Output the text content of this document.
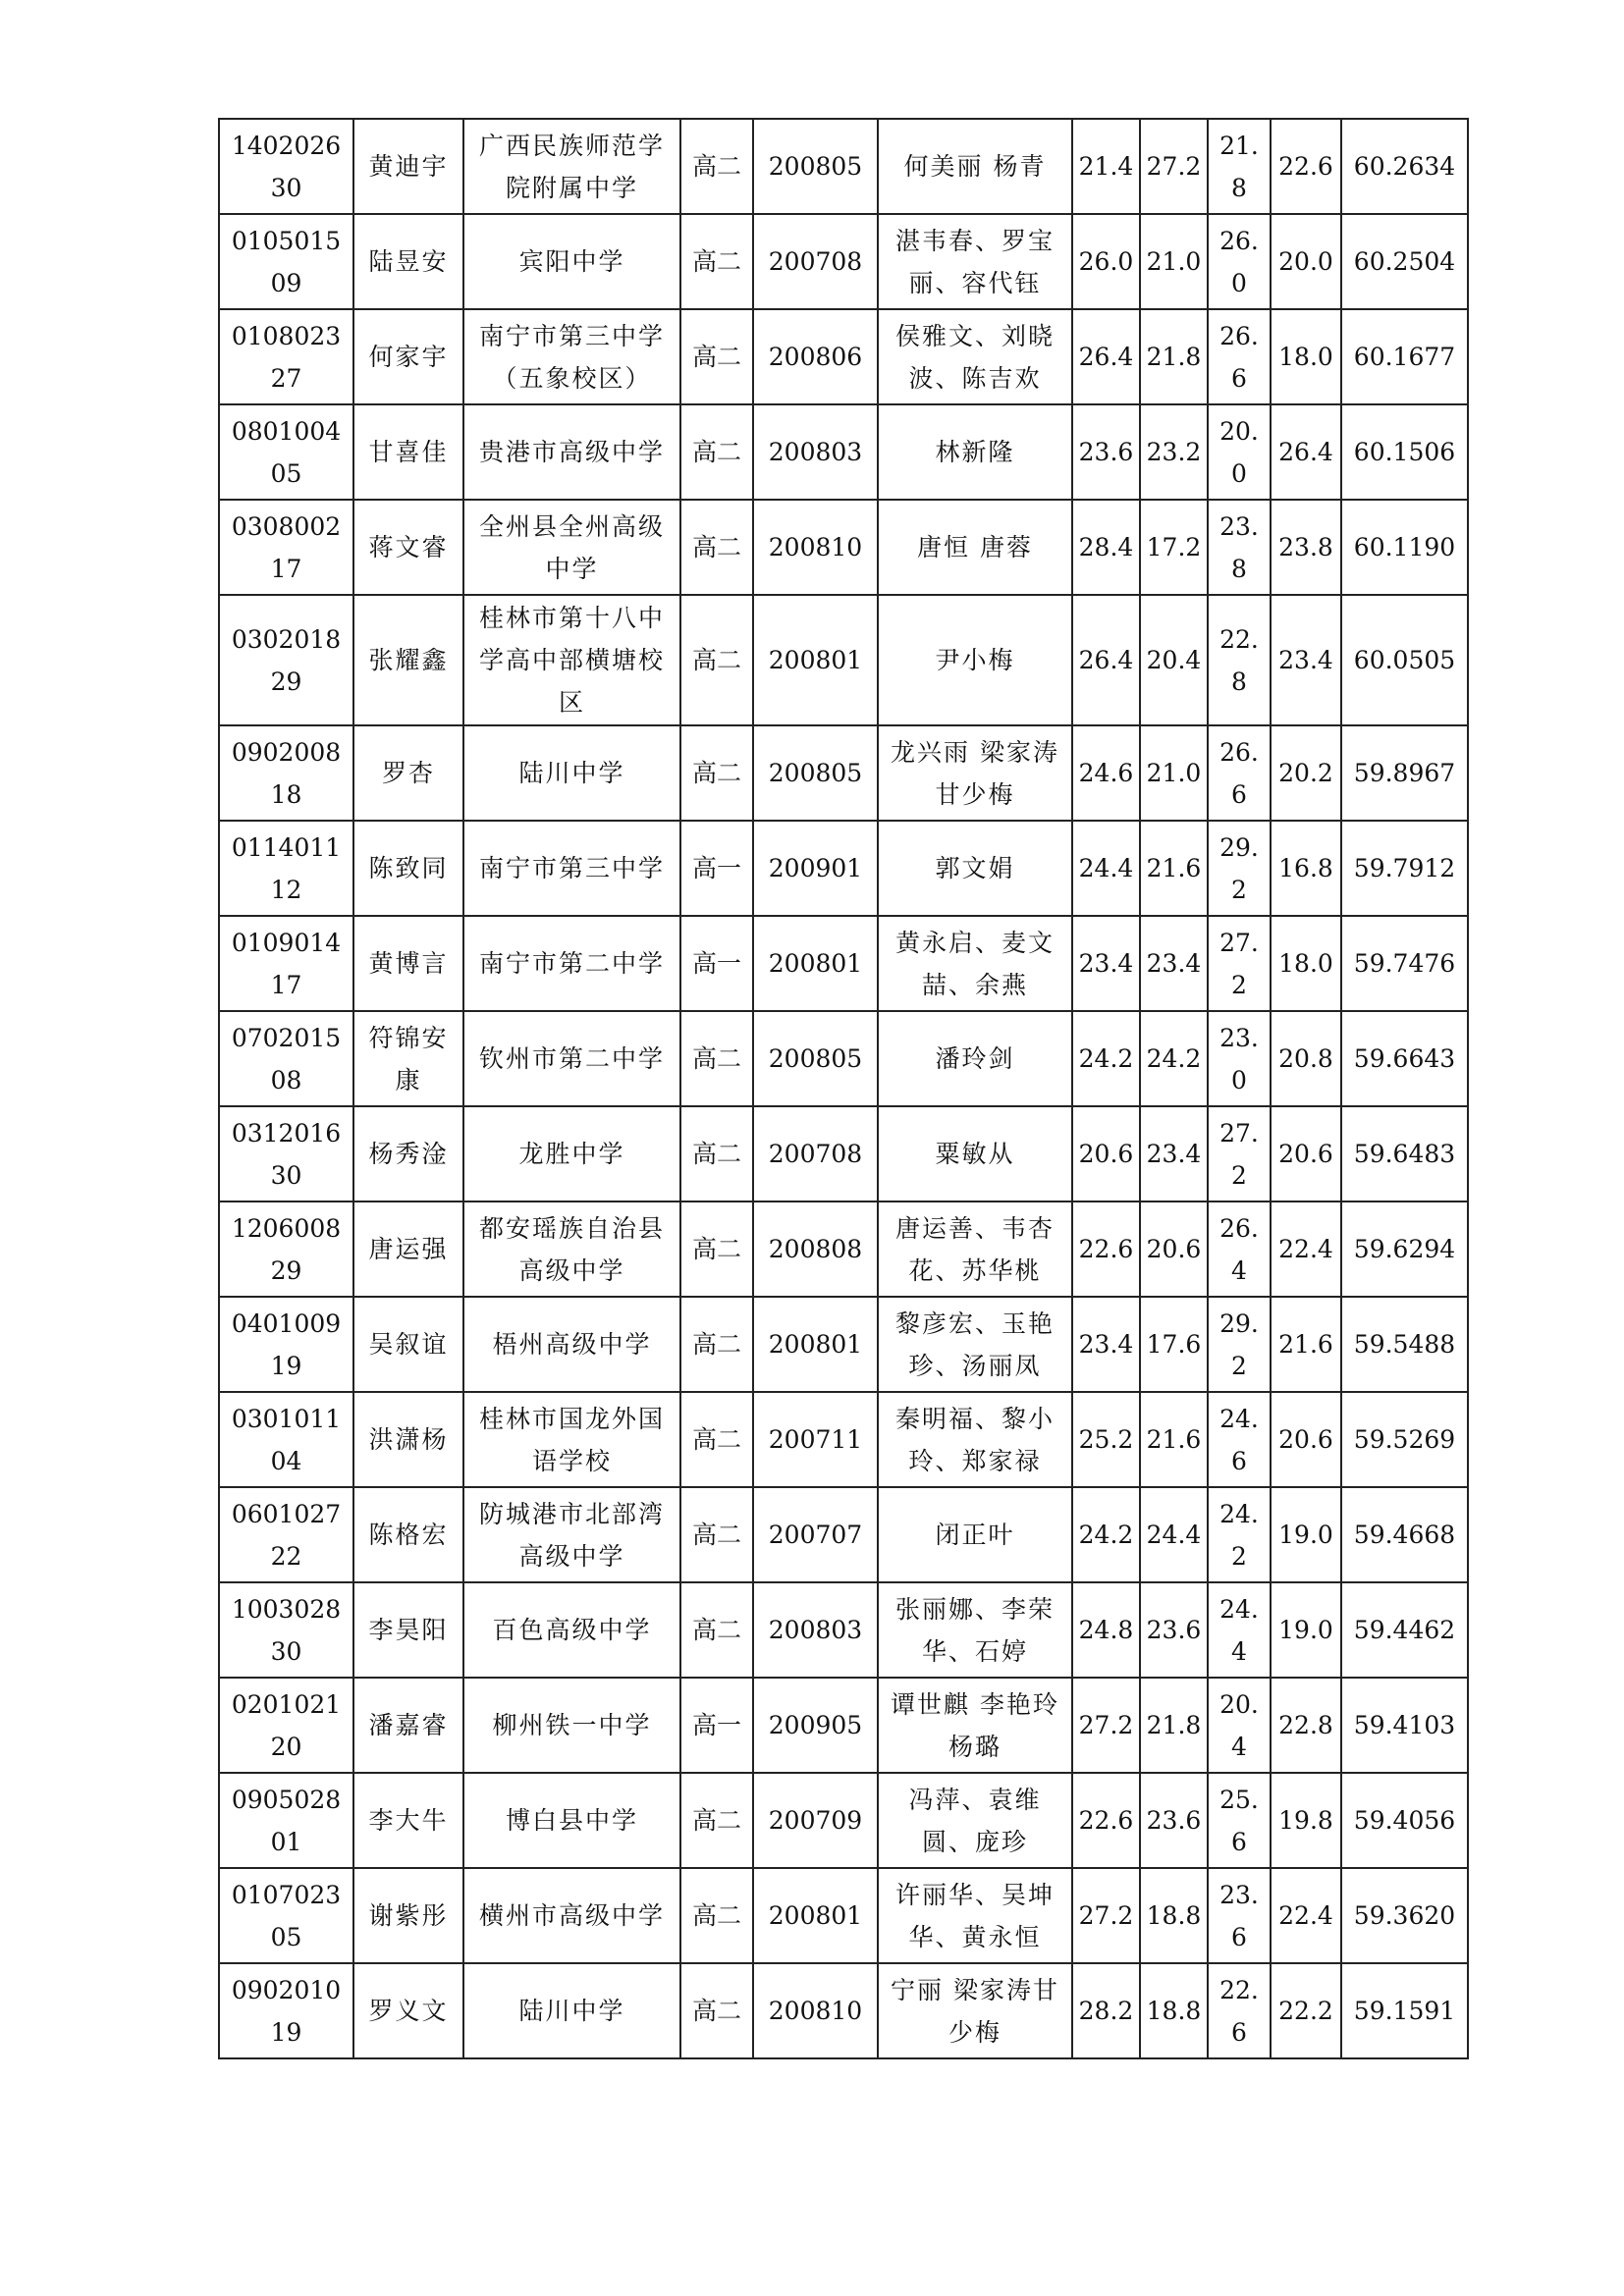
140202630	黄迪宇	广西民族师范学院附属中学	高二	200805	何美丽 杨青	21.4	27.2	21.8	22.6	60.2634
010501509	陆昱安	宾阳中学	高二	200708	湛韦春、罗宝丽、容代钰	26.0	21.0	26.0	20.0	60.2504
010802327	何家宇	南宁市第三中学（五象校区）	高二	200806	侯雅文、刘晓波、陈吉欢	26.4	21.8	26.6	18.0	60.1677
080100405	甘喜佳	贵港市高级中学	高二	200803	林新隆	23.6	23.2	20.0	26.4	60.1506
030800217	蒋文睿	全州县全州高级中学	高二	200810	唐恒 唐蓉	28.4	17.2	23.8	23.8	60.1190
030201829	张耀鑫	桂林市第十八中学高中部横塘校区	高二	200801	尹小梅	26.4	20.4	22.8	23.4	60.0505
090200818	罗杏	陆川中学	高二	200805	龙兴雨 梁家涛甘少梅	24.6	21.0	26.6	20.2	59.8967
011401112	陈致同	南宁市第三中学	高一	200901	郭文娟	24.4	21.6	29.2	16.8	59.7912
010901417	黄博言	南宁市第二中学	高一	200801	黄永启、麦文喆、余燕	23.4	23.4	27.2	18.0	59.7476
070201508	符锦安康	钦州市第二中学	高二	200805	潘玲剑	24.2	24.2	23.0	20.8	59.6643
031201630	杨秀淦	龙胜中学	高二	200708	粟敏从	20.6	23.4	27.2	20.6	59.6483
120600829	唐运强	都安瑶族自治县高级中学	高二	200808	唐运善、韦杏花、苏华桃	22.6	20.6	26.4	22.4	59.6294
040100919	吴叙谊	梧州高级中学	高二	200801	黎彦宏、玉艳珍、汤丽凤	23.4	17.6	29.2	21.6	59.5488
030101104	洪潇杨	桂林市国龙外国语学校	高二	200711	秦明福、黎小玲、郑家禄	25.2	21.6	24.6	20.6	59.5269
060102722	陈格宏	防城港市北部湾高级中学	高二	200707	闭正叶	24.2	24.4	24.2	19.0	59.4668
100302830	李昊阳	百色高级中学	高二	200803	张丽娜、李荣华、石婷	24.8	23.6	24.4	19.0	59.4462
020102120	潘嘉睿	柳州铁一中学	高一	200905	谭世麒 李艳玲杨璐	27.2	21.8	20.4	22.8	59.4103
090502801	李大牛	博白县中学	高二	200709	冯萍、袁维圆、庞珍	22.6	23.6	25.6	19.8	59.4056
010702305	谢紫彤	横州市高级中学	高二	200801	许丽华、吴坤华、黄永恒	27.2	18.8	23.6	22.4	59.3620
090201019	罗义文	陆川中学	高二	200810	宁丽 梁家涛甘少梅	28.2	18.8	22.6	22.2	59.1591
